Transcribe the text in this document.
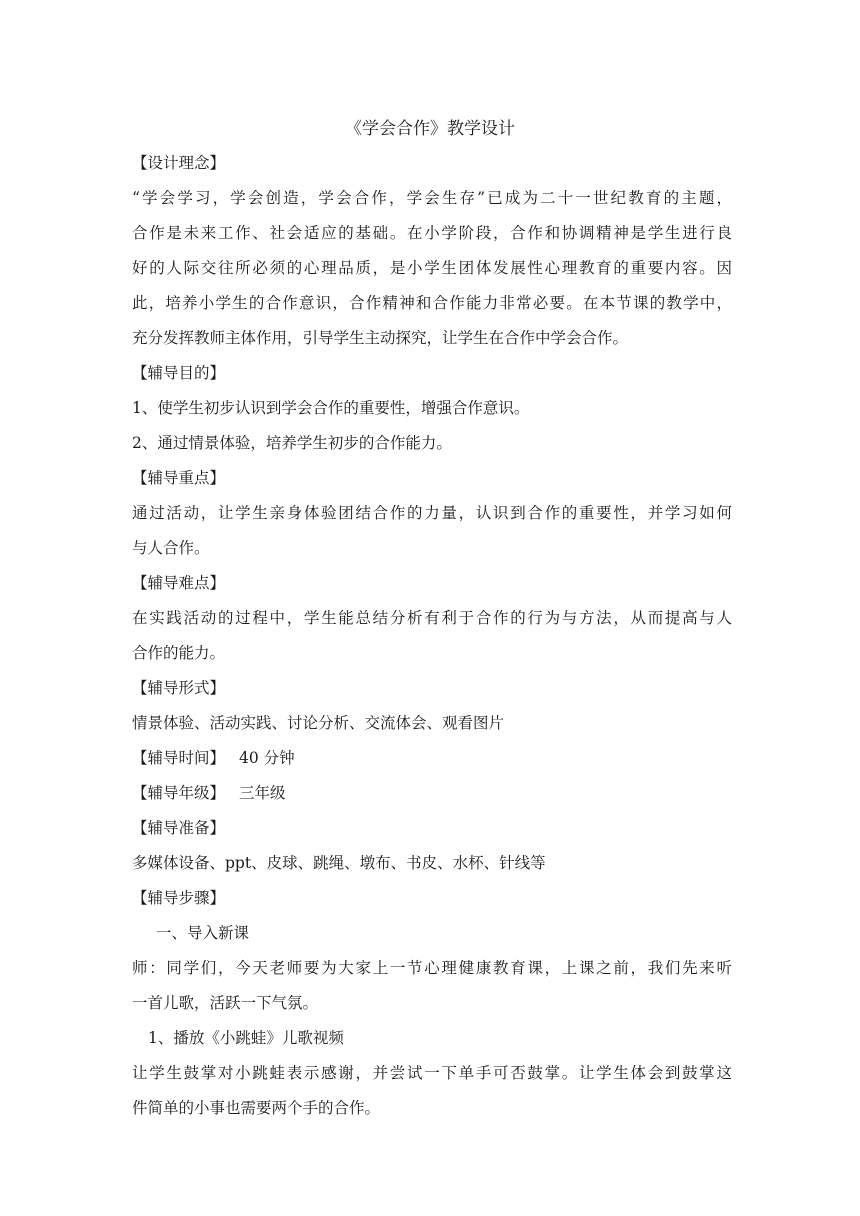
《学会合作》教学设计
【设计理念】
“学会学习，学会创造，学会合作，学会生存”已成为二十一世纪教育的主题，
合作是未来工作、社会适应的基础。在小学阶段，合作和协调精神是学生进行良
好的人际交往所必须的心理品质，是小学生团体发展性心理教育的重要内容。因
此，培养小学生的合作意识，合作精神和合作能力非常必要。在本节课的教学中，
充分发挥教师主体作用，引导学生主动探究，让学生在合作中学会合作。
【辅导目的】
1、使学生初步认识到学会合作的重要性，增强合作意识。
2、通过情景体验，培养学生初步的合作能力。
【辅导重点】
通过活动，让学生亲身体验团结合作的力量，认识到合作的重要性，并学习如何
与人合作。
【辅导难点】
在实践活动的过程中，学生能总结分析有利于合作的行为与方法，从而提高与人
合作的能力。
【辅导形式】
情景体验、活动实践、讨论分析、交流体会、观看图片
【辅导时间】 40 分钟
【辅导年级】 三年级
【辅导准备】
多媒体设备、ppt、皮球、跳绳、墩布、书皮、水杯、针线等
【辅导步骤】
一、导入新课
师：同学们，今天老师要为大家上一节心理健康教育课，上课之前，我们先来听
一首儿歌，活跃一下气氛。
1、播放《小跳蛙》儿歌视频
让学生鼓掌对小跳蛙表示感谢，并尝试一下单手可否鼓掌。让学生体会到鼓掌这
件简单的小事也需要两个手的合作。
